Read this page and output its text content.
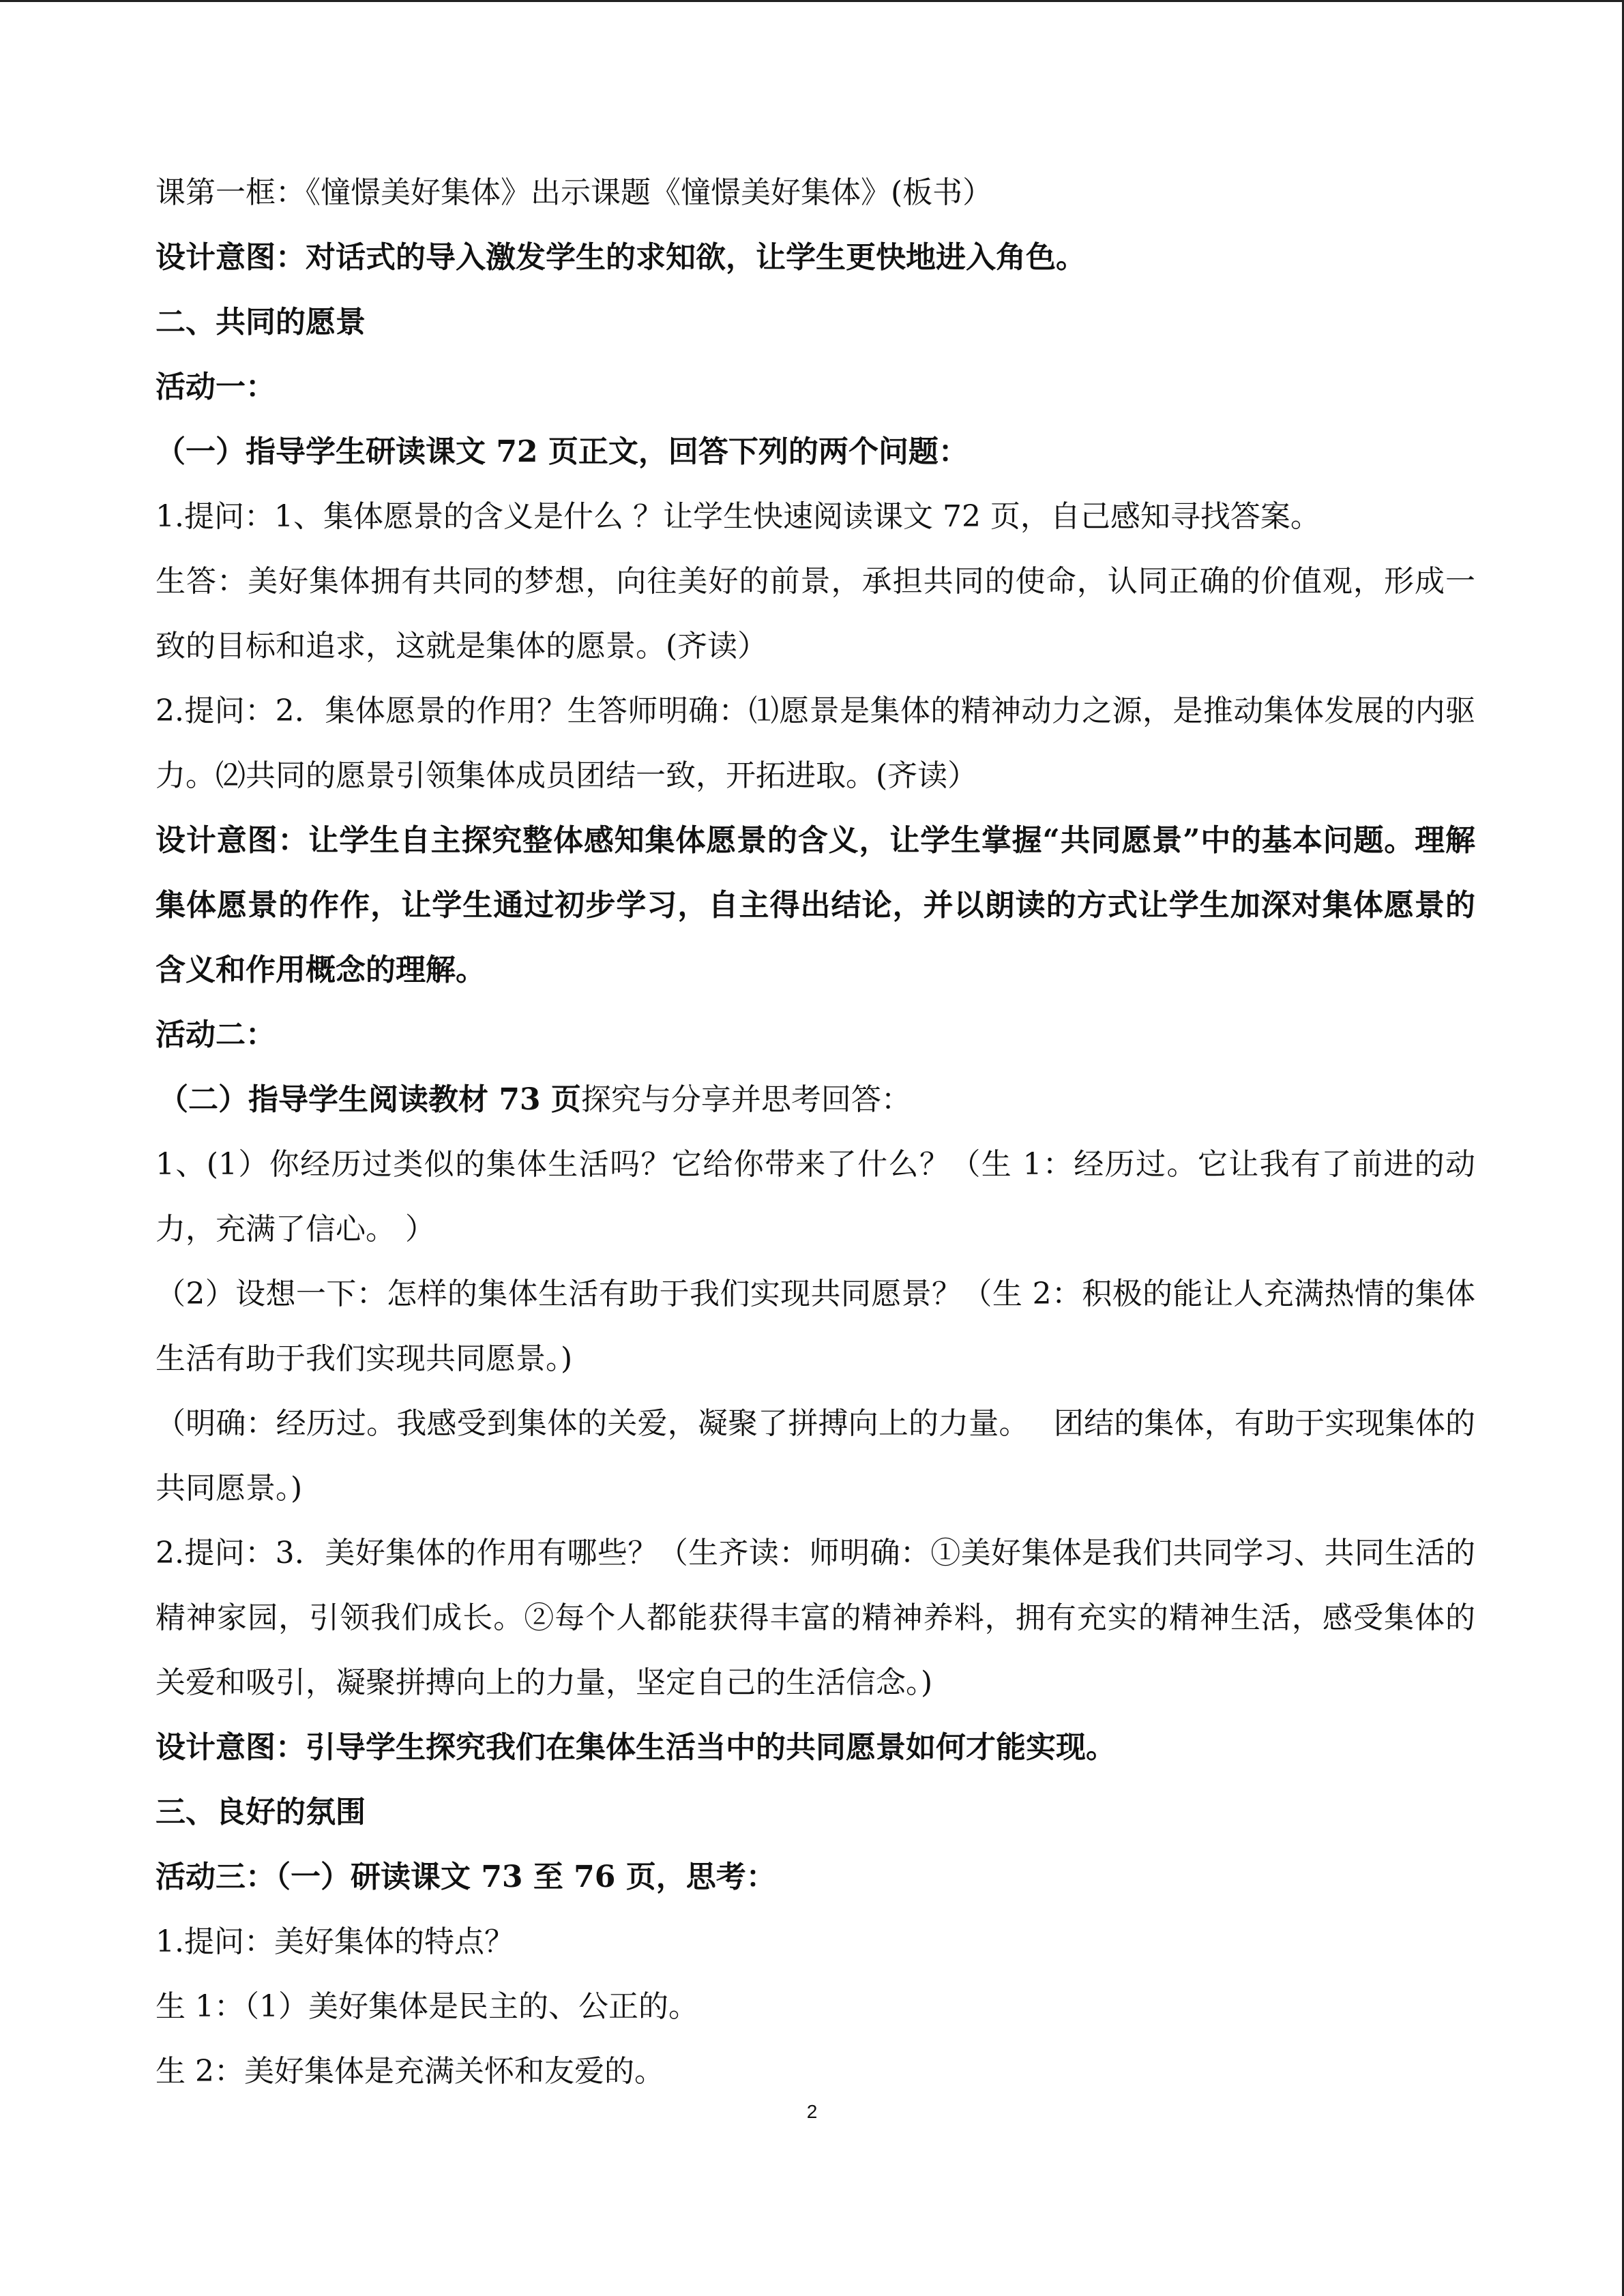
课第一框：《憧憬美好集体》出示课题《憧憬美好集体》(板书）

设计意图：对话式的导入激发学生的求知欲，让学生更快地进入角色。

二、共同的愿景

活动一：

（一）指导学生研读课文 72 页正文，回答下列的两个问题：

1.提问：1、集体愿景的含义是什么 ？让学生快速阅读课文 72 页，自己感知寻找答案。

生答：美好集体拥有共同的梦想，向往美好的前景，承担共同的使命，认同正确的价值观，形成一致的目标和追求，这就是集体的愿景。(齐读）

2.提问：2．集体愿景的作用？生答师明确：⑴愿景是集体的精神动力之源，是推动集体发展的内驱力。⑵共同的愿景引领集体成员团结一致，开拓进取。(齐读）

设计意图：让学生自主探究整体感知集体愿景的含义，让学生掌握“共同愿景”中的基本问题。理解集体愿景的作作，让学生通过初步学习，自主得出结论，并以朗读的方式让学生加深对集体愿景的含义和作用概念的理解。

活动二：

（二）指导学生阅读教材 73 页探究与分享并思考回答：

1、(1）你经历过类似的集体生活吗？它给你带来了什么？（生 1：经历过。它让我有了前进的动力，充满了信心。 ）

（2）设想一下：怎样的集体生活有助于我们实现共同愿景？（生 2：积极的能让人充满热情的集体生活有助于我们实现共同愿景。)

（明确：经历过。我感受到集体的关爱，凝聚了拼搏向上的力量。　 团结的集体，有助于实现集体的共同愿景。)

2.提问：3．美好集体的作用有哪些？（生齐读：师明确：①美好集体是我们共同学习、共同生活的精神家园，引领我们成长。②每个人都能获得丰富的精神养料，拥有充实的精神生活，感受集体的关爱和吸引，凝聚拼搏向上的力量，坚定自己的生活信念。)

设计意图：引导学生探究我们在集体生活当中的共同愿景如何才能实现。

三、良好的氛围

活动三：（一）研读课文 73 至 76 页，思考：

1.提问：美好集体的特点？

生 1：（1）美好集体是民主的、公正的。

生 2：美好集体是充满关怀和友爱的。

2
